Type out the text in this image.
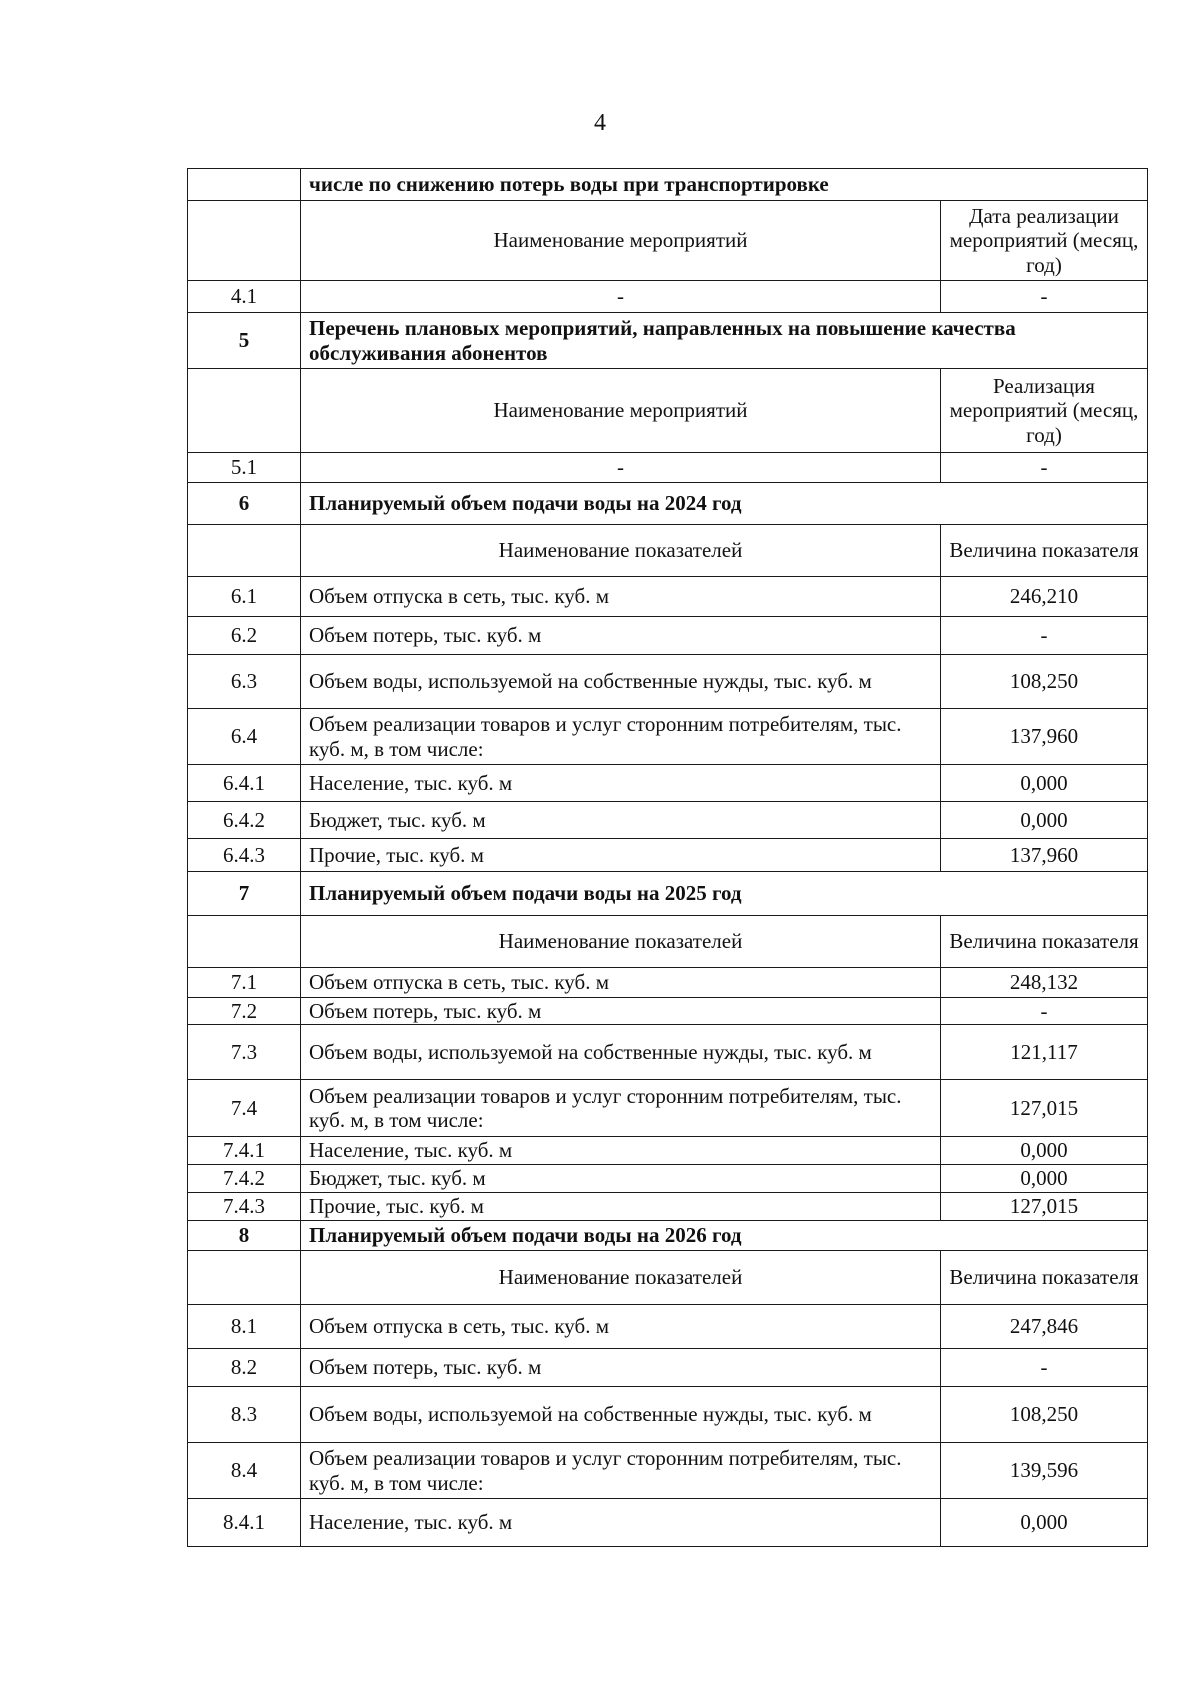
4
	числе по снижению потерь воды при транспортировке	
	Наименование мероприятий	Дата реализации мероприятий (месяц, год)
4.1	-	-
5	Перечень плановых мероприятий, направленных на повышение качества обслуживания абонентов	
	Наименование мероприятий	Реализация мероприятий (месяц, год)
5.1	-	-
6	Планируемый объем подачи воды на 2024 год	
	Наименование показателей	Величина показателя
6.1	Объем отпуска в сеть, тыс. куб. м	246,210
6.2	Объем потерь, тыс. куб. м	-
6.3	Объем воды, используемой на собственные нужды, тыс. куб. м	108,250
6.4	Объем реализации товаров и услуг сторонним потребителям, тыс. куб. м, в том числе:	137,960
6.4.1	Население, тыс. куб. м	0,000
6.4.2	Бюджет, тыс. куб. м	0,000
6.4.3	Прочие, тыс. куб. м	137,960
7	Планируемый объем подачи воды на 2025 год	
	Наименование показателей	Величина показателя
7.1	Объем отпуска в сеть, тыс. куб. м	248,132
7.2	Объем потерь, тыс. куб. м	-
7.3	Объем воды, используемой на собственные нужды, тыс. куб. м	121,117
7.4	Объем реализации товаров и услуг сторонним потребителям, тыс. куб. м, в том числе:	127,015
7.4.1	Население, тыс. куб. м	0,000
7.4.2	Бюджет, тыс. куб. м	0,000
7.4.3	Прочие, тыс. куб. м	127,015
8	Планируемый объем подачи воды на 2026 год	
	Наименование показателей	Величина показателя
8.1	Объем отпуска в сеть, тыс. куб. м	247,846
8.2	Объем потерь, тыс. куб. м	-
8.3	Объем воды, используемой на собственные нужды, тыс. куб. м	108,250
8.4	Объем реализации товаров и услуг сторонним потребителям, тыс. куб. м, в том числе:	139,596
8.4.1	Население, тыс. куб. м	0,000
